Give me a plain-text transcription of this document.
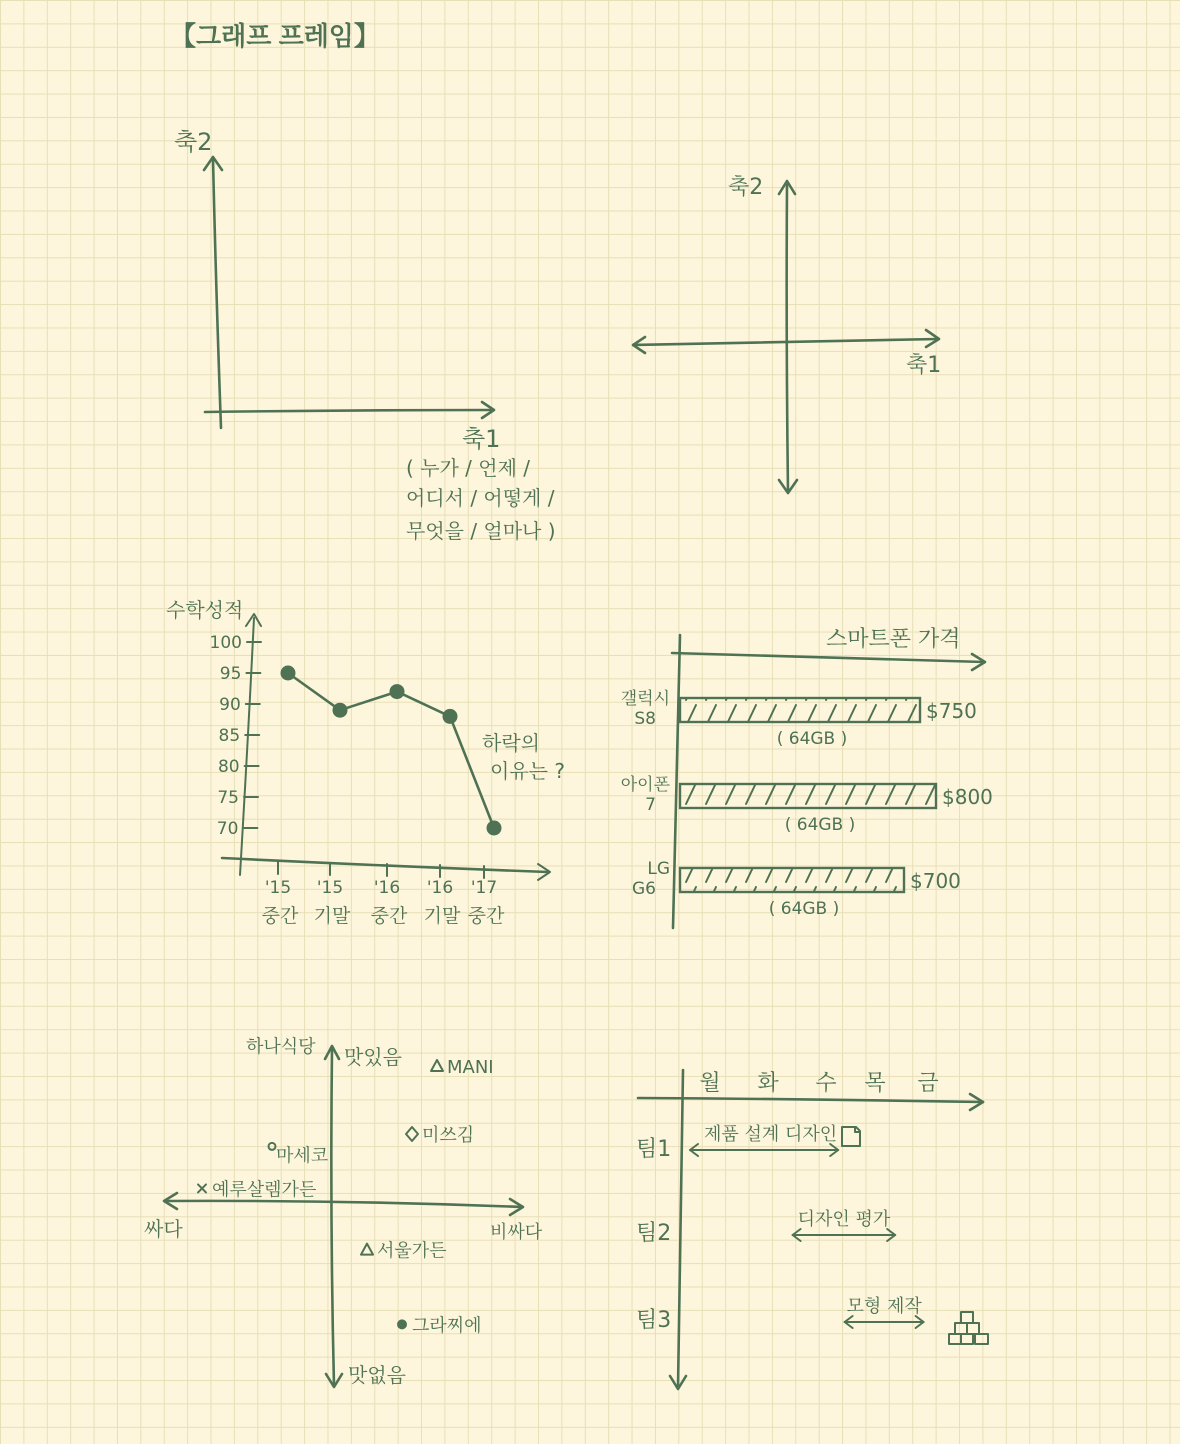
【그래프 프레임】
축2
축1
( 누가 / 언제 /
어디서 / 어떻게 /
무엇을 / 얼마나 )
축2
축1
100
95
90
85
80
75
70
'15
중간
'15
기말
'16
중간
'16
기말
'17
중간
수학성적
하락의
이유는 ?
$750
( 64GB )
갤럭시
S8
$800
( 64GB )
아이폰
7
$700
( 64GB )
LG
G6
스마트폰 가격
하나식당
MANI
미쓰김
마세코
예루살렘가든
서울가든
그라찌에
맛있음
맛없음
싸다	비싸다
월 화 수 목 금
팀1
팀2
팀3
제품 설계 디자인
디자인 평가
모형 제작
